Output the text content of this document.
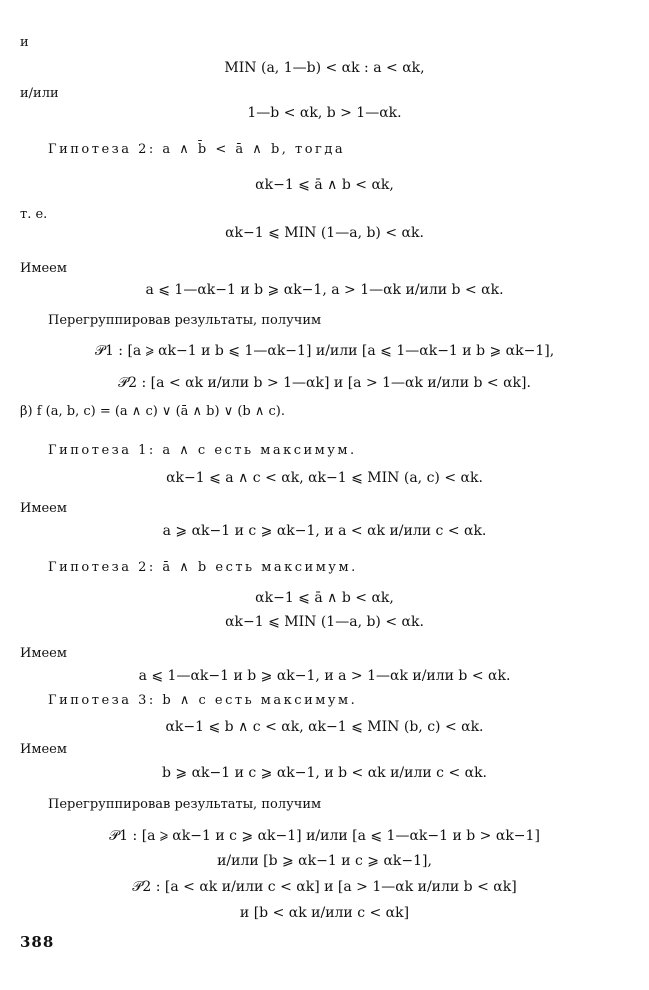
и
MIN (a, 1—b) < αk : a < αk,
и/или
1—b < αk, b > 1—αk.
Гипотеза 2: a ∧ b̄ < ā ∧ b, тогда
αk−1 ⩽ ā ∧ b < αk,
т. е.
αk−1 ⩽ MIN (1—a, b) < αk.
Имеем
a ⩽ 1—αk−1 и b ⩾ αk−1, a > 1—αk и/или b < αk.
Перегруппировав результаты, получим
𝒫1 : [a ⩾ αk−1 и b ⩽ 1—αk−1] и/или [a ⩽ 1—αk−1 и b ⩾ αk−1],
𝒫2 : [a < αk и/или b > 1—αk] и [a > 1—αk и/или b < αk].
β) f (a, b, c) = (a ∧ c) ∨ (ā ∧ b) ∨ (b ∧ c).
Гипотеза 1: a ∧ c есть максимум.
αk−1 ⩽ a ∧ c < αk, αk−1 ⩽ MIN (a, c) < αk.
Имеем
a ⩾ αk−1 и c ⩾ αk−1, и a < αk и/или c < αk.
Гипотеза 2: ā ∧ b есть максимум.
αk−1 ⩽ ā ∧ b < αk,
αk−1 ⩽ MIN (1—a, b) < αk.
Имеем
a ⩽ 1—αk−1 и b ⩾ αk−1, и a > 1—αk и/или b < αk.
Гипотеза 3: b ∧ c есть максимум.
αk−1 ⩽ b ∧ c < αk, αk−1 ⩽ MIN (b, c) < αk.
Имеем
b ⩾ αk−1 и c ⩾ αk−1, и b < αk и/или c < αk.
Перегруппировав результаты, получим
𝒫1 : [a ⩾ αk−1 и c ⩾ αk−1] и/или [a ⩽ 1—αk−1 и b > αk−1]
и/или [b ⩾ αk−1 и c ⩾ αk−1],
𝒫2 : [a < αk и/или c < αk] и [a > 1—αk и/или b < αk]
и [b < αk и/или c < αk]
388
